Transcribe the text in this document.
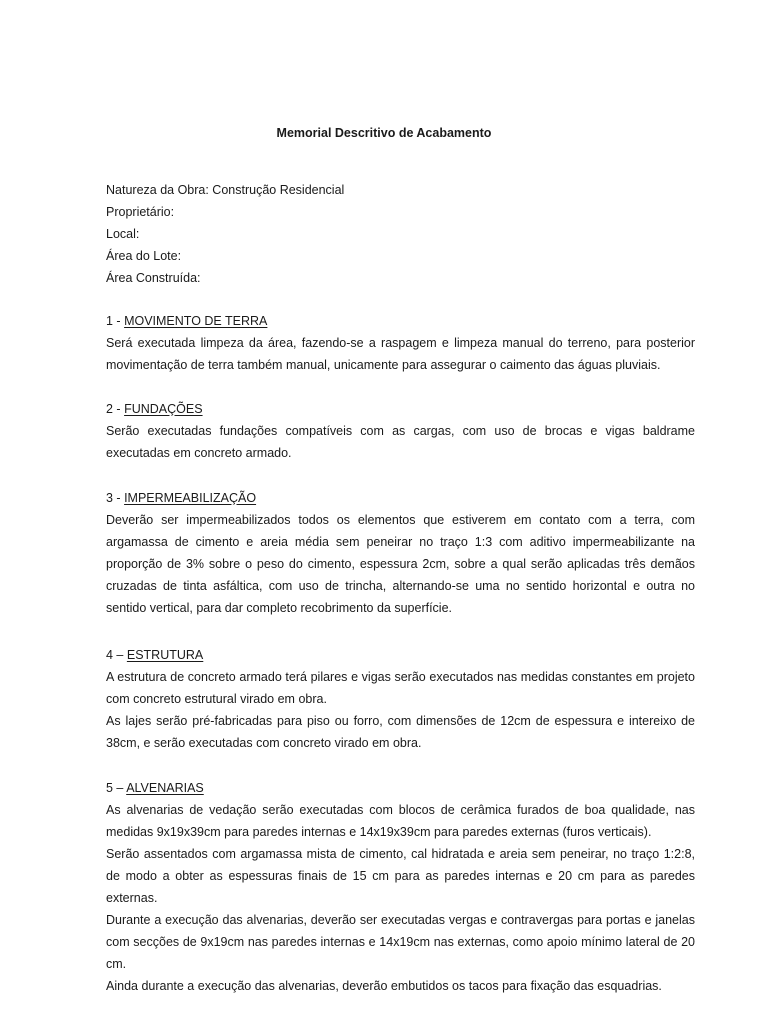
Memorial Descritivo de Acabamento
Natureza da Obra: Construção Residencial
Proprietário:
Local:
Área do Lote:
Área Construída:
1 - MOVIMENTO DE TERRA

Será executada limpeza da área, fazendo-se a raspagem e limpeza manual do terreno, para posterior movimentação de terra também manual, unicamente para assegurar o caimento das águas pluviais.

2 - FUNDAÇÕES

Serão executadas fundações compatíveis com as cargas, com uso de brocas e vigas baldrame executadas em concreto armado.

3 - IMPERMEABILIZAÇÃO

Deverão ser impermeabilizados todos os elementos que estiverem em contato com a terra, com argamassa de cimento e areia média sem peneirar no traço 1:3 com aditivo impermeabilizante na proporção de 3% sobre o peso do cimento, espessura 2cm, sobre a qual serão aplicadas três demãos cruzadas de tinta asfáltica, com uso de trincha, alternando-se uma no sentido horizontal e outra no sentido vertical, para dar completo recobrimento da superfície.

4 – ESTRUTURA

A estrutura de concreto armado terá pilares e vigas serão executados nas medidas constantes em projeto com concreto estrutural virado em obra.

As lajes serão pré-fabricadas para piso ou forro, com dimensões de 12cm de espessura e intereixo de 38cm, e serão executadas com concreto virado em obra.

5 – ALVENARIAS

As alvenarias de vedação serão executadas com blocos de cerâmica furados de boa qualidade, nas medidas 9x19x39cm para paredes internas e 14x19x39cm para paredes externas (furos verticais).

Serão assentados com argamassa mista de cimento, cal hidratada e areia sem peneirar, no traço 1:2:8, de modo a obter as espessuras finais de 15 cm para as paredes internas e 20 cm para as paredes externas.

Durante a execução das alvenarias, deverão ser executadas vergas e contravergas para portas e janelas com secções de 9x19cm nas paredes internas e 14x19cm nas externas, como apoio mínimo lateral de 20 cm.

Ainda durante a execução das alvenarias, deverão embutidos os tacos para fixação das esquadrias.
